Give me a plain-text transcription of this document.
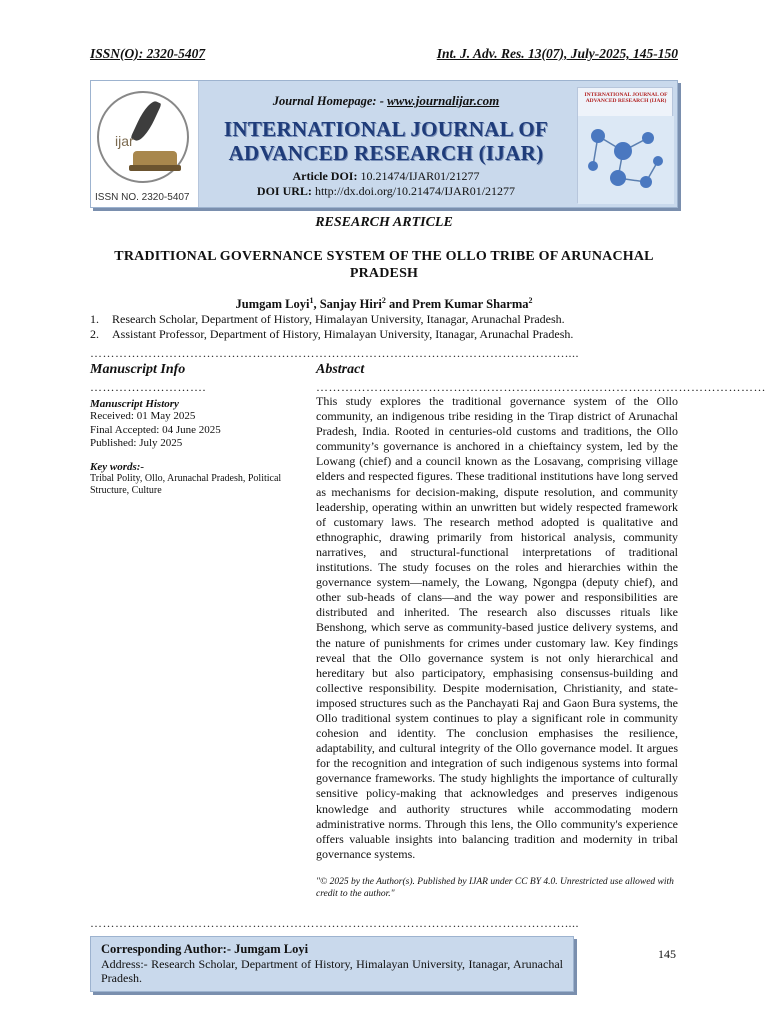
ISSN(O): 2320-5407	Int. J. Adv. Res. 13(07), July-2025, 145-150
ijar
ISSN NO. 2320-5407
Journal Homepage: - www.journalijar.com
INTERNATIONAL JOURNAL OF
ADVANCED RESEARCH (IJAR)
Article DOI: 10.21474/IJAR01/21277
DOI URL: http://dx.doi.org/10.21474/IJAR01/21277
INTERNATIONAL JOURNAL OF ADVANCED RESEARCH (IJAR)
RESEARCH ARTICLE
TRADITIONAL GOVERNANCE SYSTEM OF THE OLLO TRIBE OF ARUNACHAL PRADESH
Jumgam Loyi$^1$, Sanjay Hiri$^2$ and Prem Kumar Sharma$^2$
1. Research Scholar, Department of History, Himalayan University, Itanagar, Arunachal Pradesh.
2. Assistant Professor, Department of History, Himalayan University, Itanagar, Arunachal Pradesh.
……………………………………………………………………………………………………....
Manuscript Info
……………………….
Manuscript History
Received: 01 May 2025
Final Accepted: 04 June 2025
Published: July 2025
Key words:-
Tribal Polity, Ollo, Arunachal Pradesh, Political Structure, Culture
Abstract
………………………………………………………………………………………………

This study explores the traditional governance system of the Ollo community, an indigenous tribe residing in the Tirap district of Arunachal Pradesh, India. Rooted in centuries-old customs and traditions, the Ollo community’s governance is anchored in a chieftaincy system, led by the Lowang (chief) and a council known as the Losavang, comprising village elders and respected figures. These traditional institutions have long served as mechanisms for decision-making, dispute resolution, and community leadership, operating within an unwritten but widely respected framework of customary laws. The research method adopted is qualitative and ethnographic, drawing primarily from historical analysis, community narratives, and structural-functional interpretations of traditional institutions. The study focuses on the roles and hierarchies within the governance system—namely, the Lowang, Ngongpa (deputy chief), and other sub-heads of clans—and the way power and responsibilities are distributed and inherited. The research also discusses rituals like Benshong, which serve as community-based justice delivery systems, and the nature of punishments for crimes under customary law. Key findings reveal that the Ollo governance system is not only hierarchical and hereditary but also participatory, emphasising consensus-building and collective responsibility. Despite modernisation, Christianity, and state-imposed structures such as the Panchayati Raj and Gaon Bura systems, the Ollo traditional system continues to play a significant role in community cohesion and identity. The conclusion emphasises the resilience, adaptability, and cultural integrity of the Ollo governance model. It argues for the recognition and integration of such indigenous systems into formal governance frameworks. The study highlights the importance of culturally sensitive policy-making that acknowledges and preserves indigenous knowledge and authority structures while accommodating modern administrative norms. Through this lens, the Ollo community's experience offers valuable insights into balancing tradition and modernity in tribal governance systems.

"© 2025 by the Author(s). Published by IJAR under CC BY 4.0. Unrestricted use allowed with credit to the author."

……………………………………………………………………………………………………....
Corresponding Author:- Jumgam Loyi
Address:- Research Scholar, Department of History, Himalayan University, Itanagar, Arunachal Pradesh.
145
